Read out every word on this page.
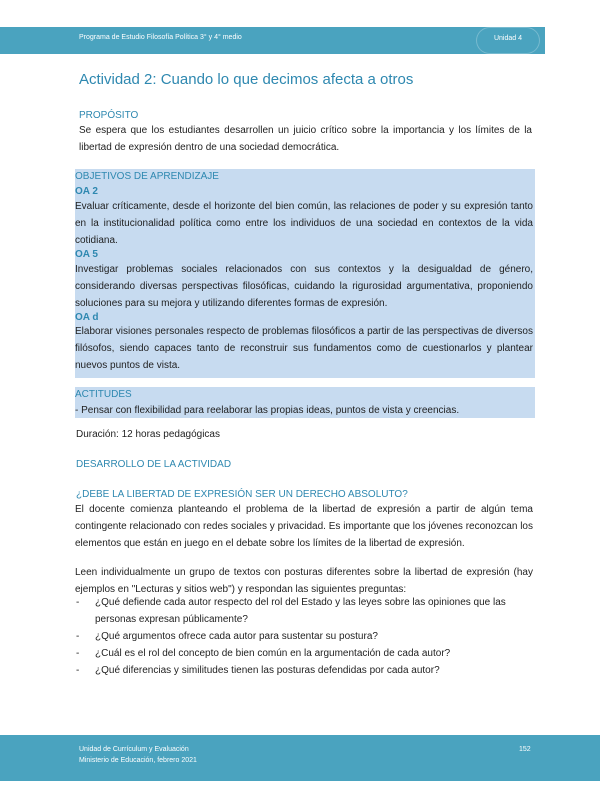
Programa de Estudio Filosofía Política 3° y 4° medio	Unidad 4
Actividad 2: Cuando lo que decimos afecta a otros
PROPÓSITO
Se espera que los estudiantes desarrollen un juicio crítico sobre la importancia y los límites de la libertad de expresión dentro de una sociedad democrática.
OBJETIVOS DE APRENDIZAJE
OA 2
Evaluar críticamente, desde el horizonte del bien común, las relaciones de poder y su expresión tanto en la institucionalidad política como entre los individuos de una sociedad en contextos de la vida cotidiana.
OA 5
Investigar problemas sociales relacionados con sus contextos y la desigualdad de género, considerando diversas perspectivas filosóficas, cuidando la rigurosidad argumentativa, proponiendo soluciones para su mejora y utilizando diferentes formas de expresión.
OA d
Elaborar visiones personales respecto de problemas filosóficos a partir de las perspectivas de diversos filósofos, siendo capaces tanto de reconstruir sus fundamentos como de cuestionarlos y plantear nuevos puntos de vista.
ACTITUDES
- Pensar con flexibilidad para reelaborar las propias ideas, puntos de vista y creencias.
Duración: 12 horas pedagógicas
DESARROLLO DE LA ACTIVIDAD
¿DEBE LA LIBERTAD DE EXPRESIÓN SER UN DERECHO ABSOLUTO?
El docente comienza planteando el problema de la libertad de expresión a partir de algún tema contingente relacionado con redes sociales y privacidad. Es importante que los jóvenes reconozcan los elementos que están en juego en el debate sobre los límites de la libertad de expresión.
Leen individualmente un grupo de textos con posturas diferentes sobre la libertad de expresión (hay ejemplos en "Lecturas y sitios web") y respondan las siguientes preguntas:
- ¿Qué defiende cada autor respecto del rol del Estado y las leyes sobre las opiniones que las personas expresan públicamente?
- ¿Qué argumentos ofrece cada autor para sustentar su postura?
- ¿Cuál es el rol del concepto de bien común en la argumentación de cada autor?
- ¿Qué diferencias y similitudes tienen las posturas defendidas por cada autor?
Unidad de Currículum y Evaluación
Ministerio de Educación, febrero 2021
152
